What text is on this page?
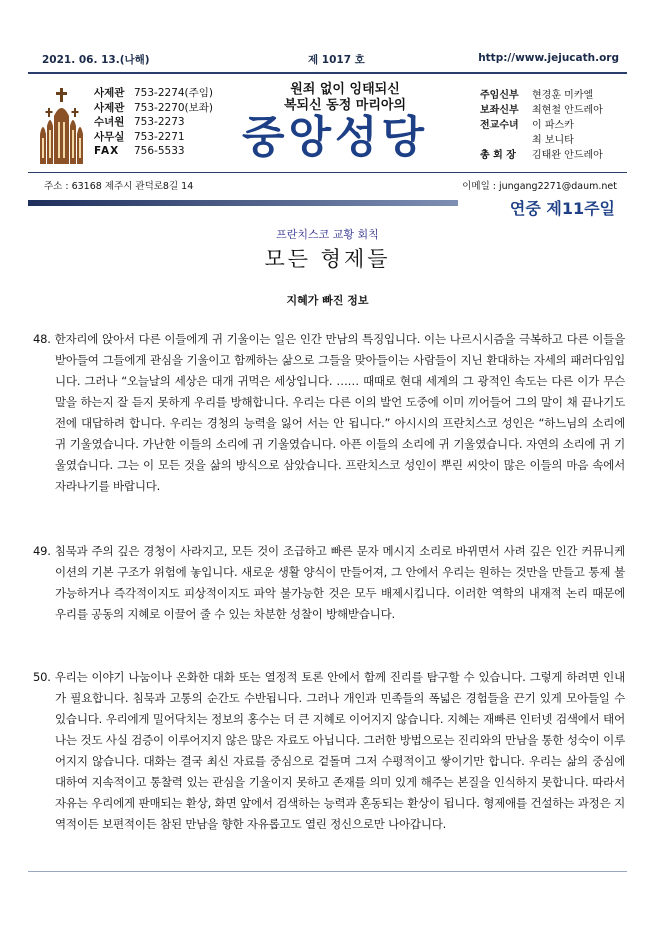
2021. 06. 13.(나해)	제 1017 호	http://www.jejucath.org
사제관 753-2274(주임)
사제관 753-2270(보좌)
수녀원 753-2273
사무실 753-2271
FAX	756-5533
원죄 없이 잉태되신
복되신 동정 마리아의
중앙성당
주임신부	현경훈 미카엘
보좌신부	최현철 안드레아
전교수녀	이 파스카
최 보니타
총 회 장	김태완 안드레아
주소 : 63168 제주시 관덕로8길 14	이메일 : jungang2271@daum.net
연중 제11주일
프란치스코 교황 회칙
모든 형제들
지혜가 빠진 정보
48. 한자리에 앉아서 다른 이들에게 귀 기울이는 일은 인간 만남의 특징입니다. 이는 나르시시즘을 극복하고 다른 이들을 받아들여 그들에게 관심을 기울이고 함께하는 삶으로 그들을 맞아들이는 사람들이 지닌 환대하는 자세의 패러다임입니다. 그러나 “오늘날의 세상은 대개 귀먹은 세상입니다. …… 때때로 현대 세계의 그 광적인 속도는 다른 이가 무슨 말을 하는지 잘 듣지 못하게 우리를 방해합니다. 우리는 다른 이의 발언 도중에 이미 끼어들어 그의 말이 채 끝나기도 전에 대답하려 합니다. 우리는 경청의 능력을 잃어 서는 안 됩니다.” 아시시의 프란치스코 성인은 “하느님의 소리에 귀 기울였습니다. 가난한 이들의 소리에 귀 기울였습니다. 아픈 이들의 소리에 귀 기울였습니다. 자연의 소리에 귀 기울였습니다. 그는 이 모든 것을 삶의 방식으로 삼았습니다. 프란치스코 성인이 뿌린 씨앗이 많은 이들의 마음 속에서 자라나기를 바랍니다.
49. 침묵과 주의 깊은 경청이 사라지고, 모든 것이 조급하고 빠른 문자 메시지 소리로 바뀌면서 사려 깊은 인간 커뮤니케이션의 기본 구조가 위험에 놓입니다. 새로운 생활 양식이 만들어져, 그 안에서 우리는 원하는 것만을 만들고 통제 불가능하거나 즉각적이지도 피상적이지도 파악 불가능한 것은 모두 배제시킵니다. 이러한 역학의 내재적 논리 때문에 우리를 공동의 지혜로 이끌어 줄 수 있는 차분한 성찰이 방해받습니다.
50. 우리는 이야기 나눔이나 온화한 대화 또는 열정적 토론 안에서 함께 진리를 탐구할 수 있습니다. 그렇게 하려면 인내가 필요합니다. 침묵과 고통의 순간도 수반됩니다. 그러나 개인과 민족들의 폭넓은 경험들을 끈기 있게 모아들일 수 있습니다. 우리에게 밀어닥치는 정보의 홍수는 더 큰 지혜로 이어지지 않습니다. 지혜는 재빠른 인터넷 검색에서 태어나는 것도 사실 검증이 이루어지지 않은 많은 자료도 아닙니다. 그러한 방법으로는 진리와의 만남을 통한 성숙이 이루어지지 않습니다. 대화는 결국 최신 자료를 중심으로 겉돌며 그저 수평적이고 쌓이기만 합니다. 우리는 삶의 중심에 대하여 지속적이고 통찰력 있는 관심을 기울이지 못하고 존재를 의미 있게 해주는 본질을 인식하지 못합니다. 따라서 자유는 우리에게 판매되는 환상, 화면 앞에서 검색하는 능력과 혼동되는 환상이 됩니다. 형제애를 건설하는 과정은 지역적이든 보편적이든 참된 만남을 향한 자유롭고도 열린 정신으로만 나아갑니다.
